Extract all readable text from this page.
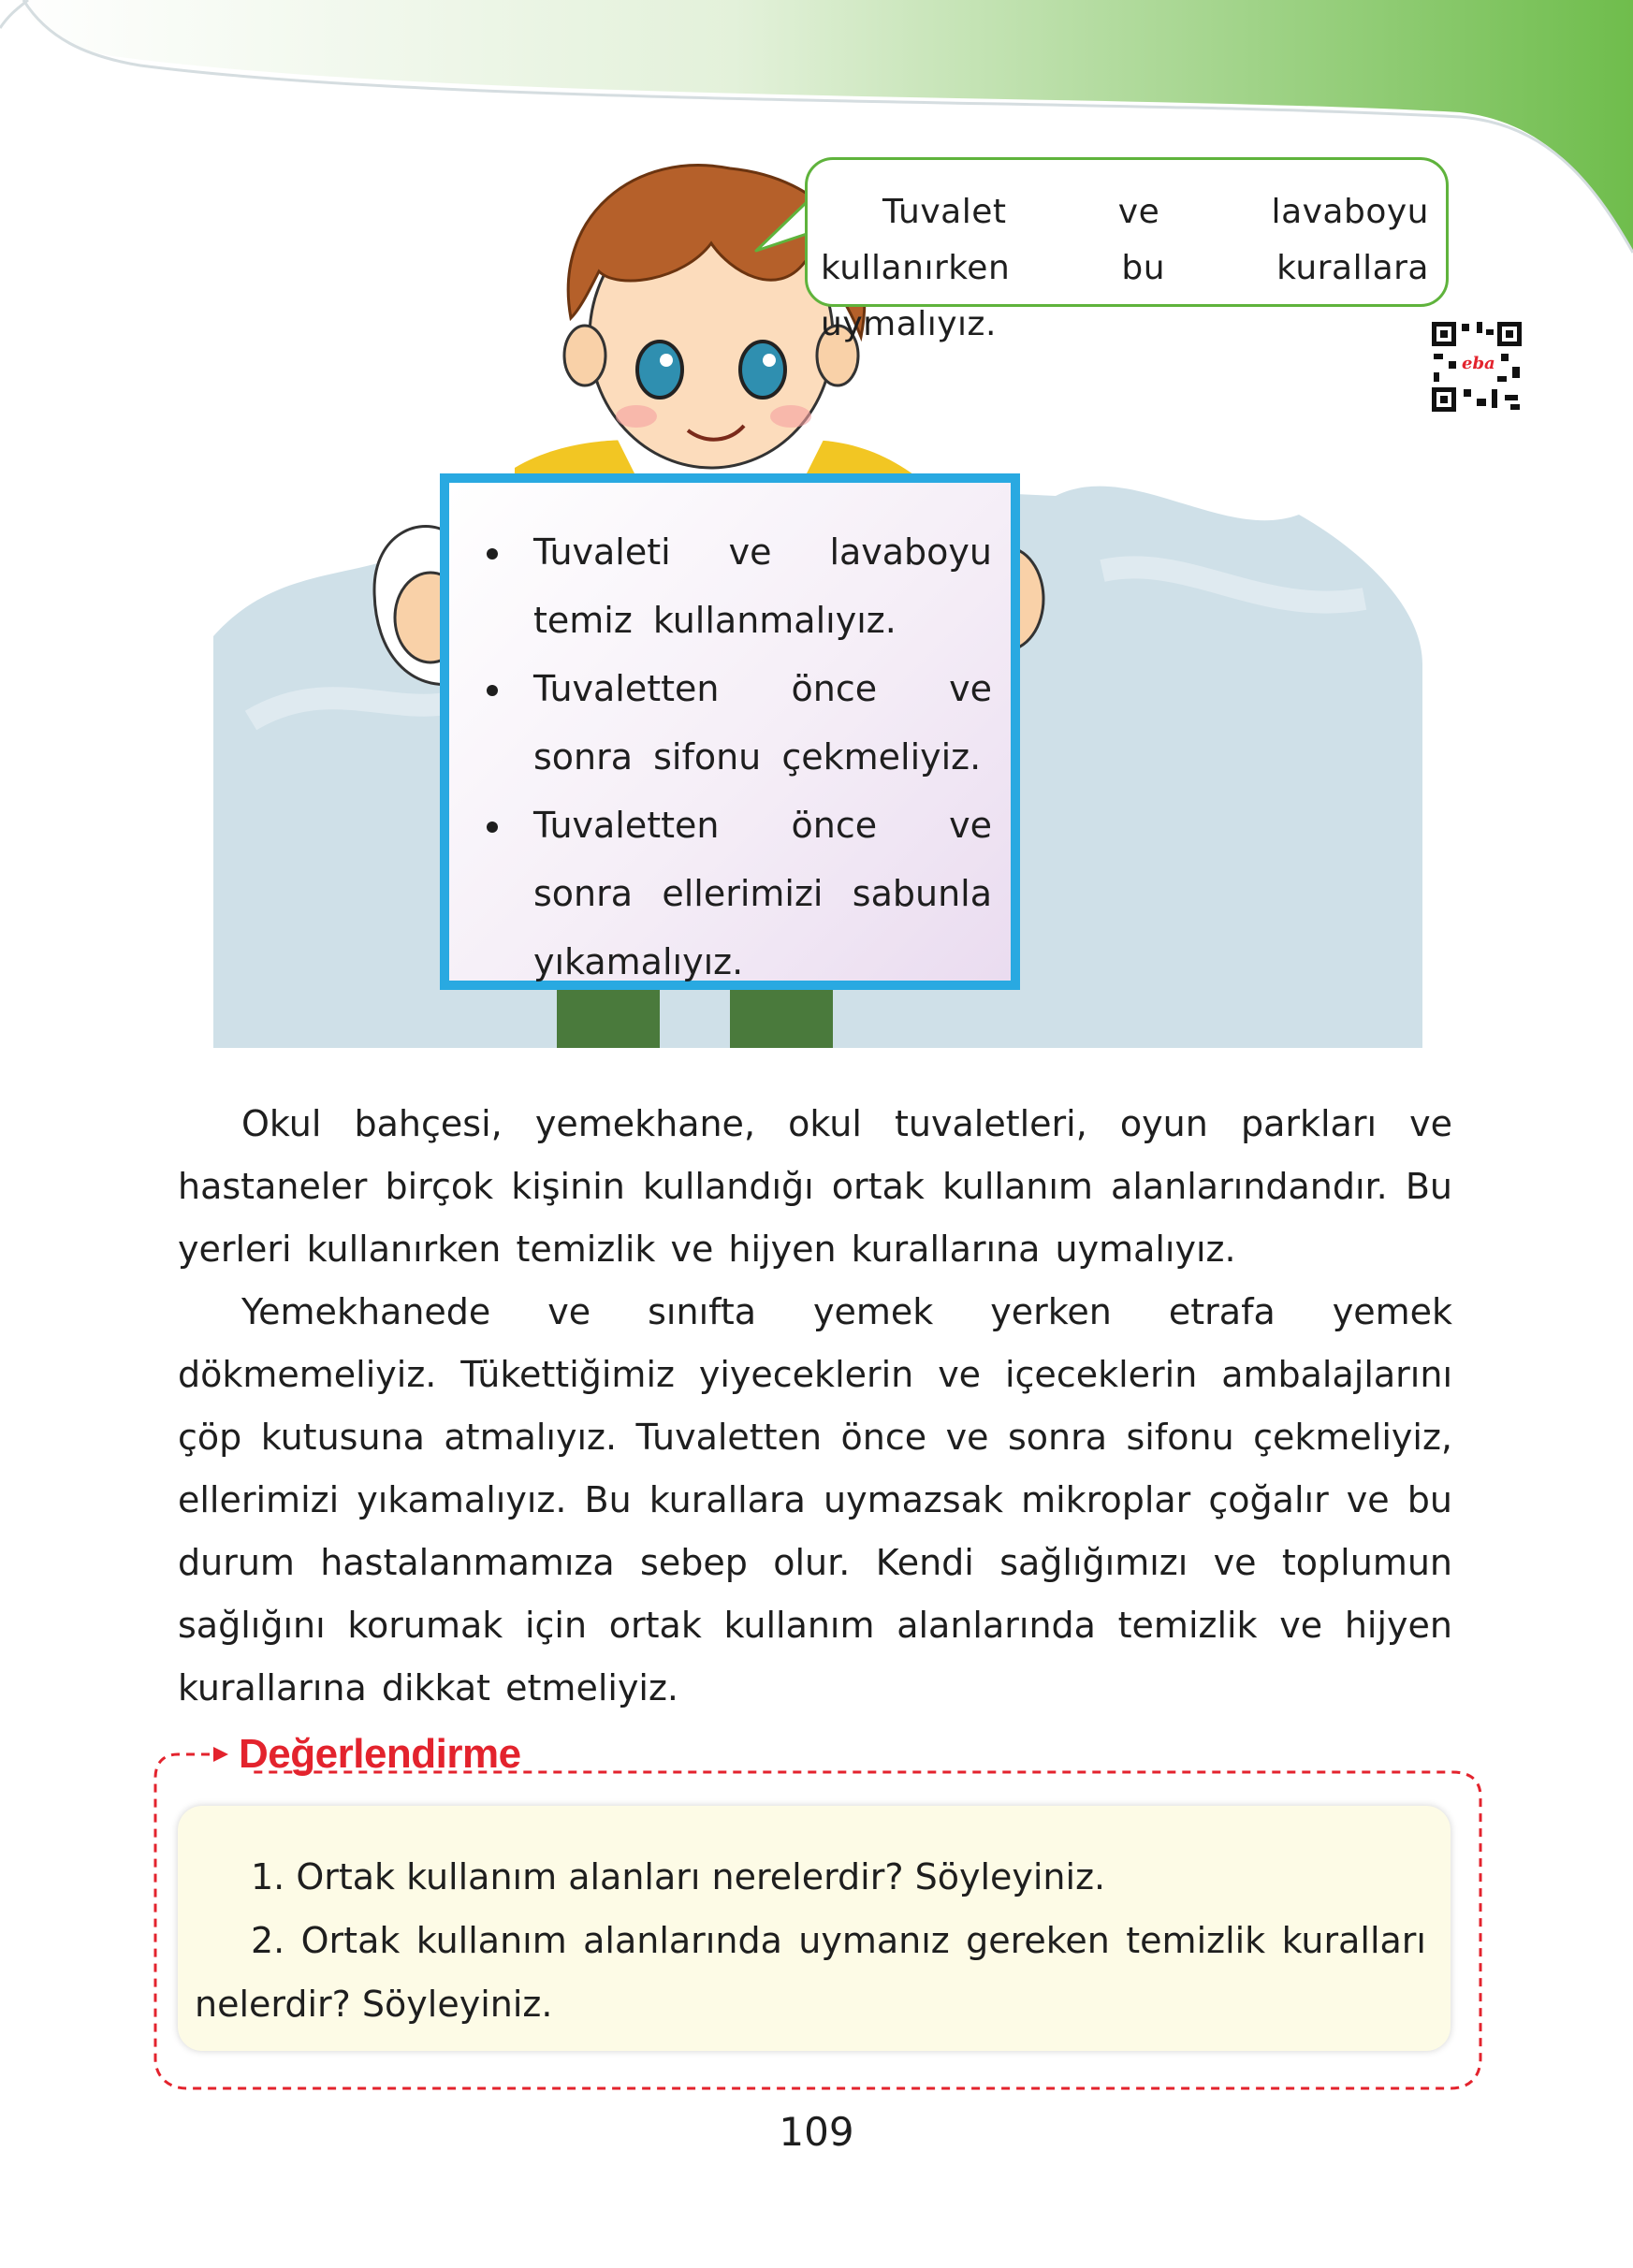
Tuvalet ve lavaboyu kullanırken bu kurallara uymalıyız.
eba
Tuvaleti ve lavaboyu temiz kullanmalıyız.
Tuvaletten önce ve sonra sifonu çekmeliyiz.
Tuvaletten önce ve sonra ellerimizi sabunla yıkamalıyız.

Okul bahçesi, yemekhane, okul tuvaletleri, oyun parkları ve hastaneler birçok kişinin kullandığı ortak kullanım alanlarındandır. Bu yerleri kullanırken temizlik ve hijyen kurallarına uymalıyız.

Yemekhanede ve sınıfta yemek yerken etrafa yemek dökmemeliyiz. Tükettiğimiz yiyeceklerin ve içeceklerin ambalajlarını çöp kutusuna atmalıyız. Tuvaletten önce ve sonra sifonu çekmeliyiz, ellerimizi yıkamalıyız. Bu kurallara uymazsak mikroplar çoğalır ve bu durum hastalanmamıza sebep olur. Kendi sağlığımızı ve toplumun sağlığını korumak için ortak kullanım alanlarında temizlik ve hijyen kurallarına dikkat etmeliyiz.

Değerlendirme

1. Ortak kullanım alanları nerelerdir? Söyleyiniz.

2. Ortak kullanım alanlarında uymanız gereken temizlik kuralları nelerdir? Söyleyiniz.

109
